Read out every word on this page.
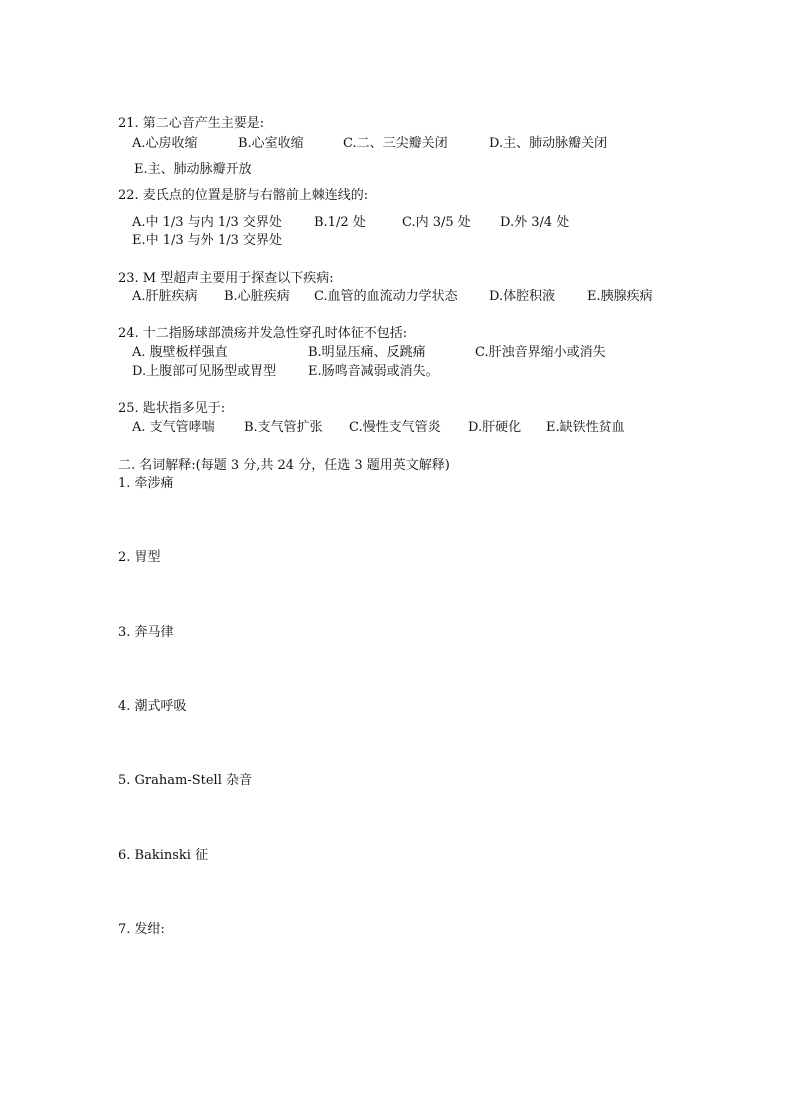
21. 第二心音产生主要是:
A.心房收缩	B.心室收缩	C.二、三尖瓣关闭	D.主、肺动脉瓣关闭
E.主、肺动脉瓣开放
22. 麦氏点的位置是脐与右髂前上棘连线的:
A.中 1/3 与内 1/3 交界处 B.1/2 处	C.内 3/5 处 D.外 3/4 处
E.中 1/3 与外 1/3 交界处
23. M 型超声主要用于探查以下疾病:
A.肝脏疾病 B.心脏疾病 C.血管的血流动力学状态 D.体腔积液 E.胰腺疾病
24. 十二指肠球部溃疡并发急性穿孔时体征不包括:
A. 腹壁板样强直	B.明显压痛、反跳痛	C.肝浊音界缩小或消失
D.上腹部可见肠型或胃型 E.肠鸣音减弱或消失。
25. 匙状指多见于:
A. 支气管哮喘 B.支气管扩张 C.慢性支气管炎 D.肝硬化 E.缺铁性贫血
二. 名词解释:(每题 3 分,共 24 分，任选 3 题用英文解释)
1. 牵涉痛
2. 胃型
3. 奔马律
4. 潮式呼吸
5. Graham-Stell 杂音
6. Bakinski 征
7. 发绀:
